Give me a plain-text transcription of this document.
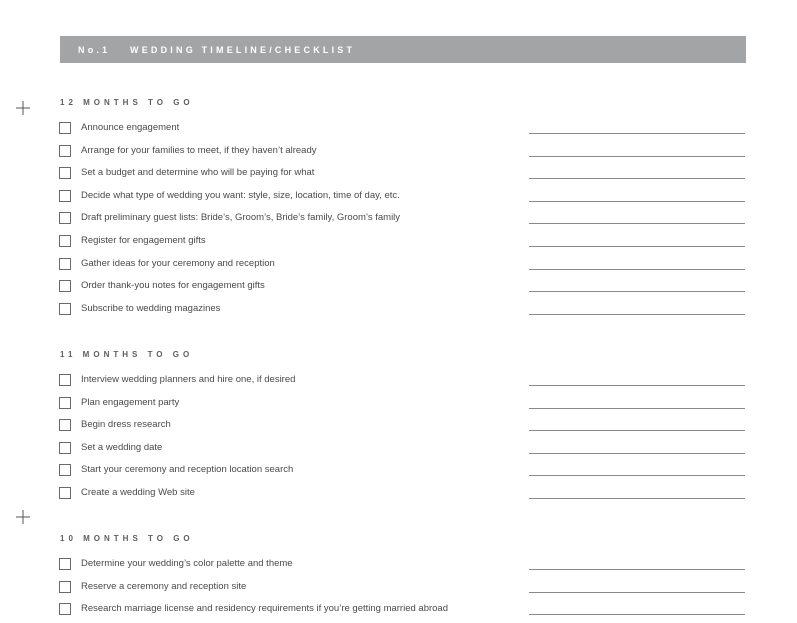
No.1 WEDDING TIMELINE/CHECKLIST
12 MONTHS TO GO
Announce engagement
Arrange for your families to meet, if they haven’t already
Set a budget and determine who will be paying for what
Decide what type of wedding you want: style, size, location, time of day, etc.
Draft preliminary guest lists: Bride’s, Groom’s, Bride’s family, Groom’s family
Register for engagement gifts
Gather ideas for your ceremony and reception
Order thank-you notes for engagement gifts
Subscribe to wedding magazines
11 MONTHS TO GO
Interview wedding planners and hire one, if desired
Plan engagement party
Begin dress research
Set a wedding date
Start your ceremony and reception location search
Create a wedding Web site
10 MONTHS TO GO
Determine your wedding’s color palette and theme
Reserve a ceremony and reception site
Research marriage license and residency requirements if you’re getting married abroad
